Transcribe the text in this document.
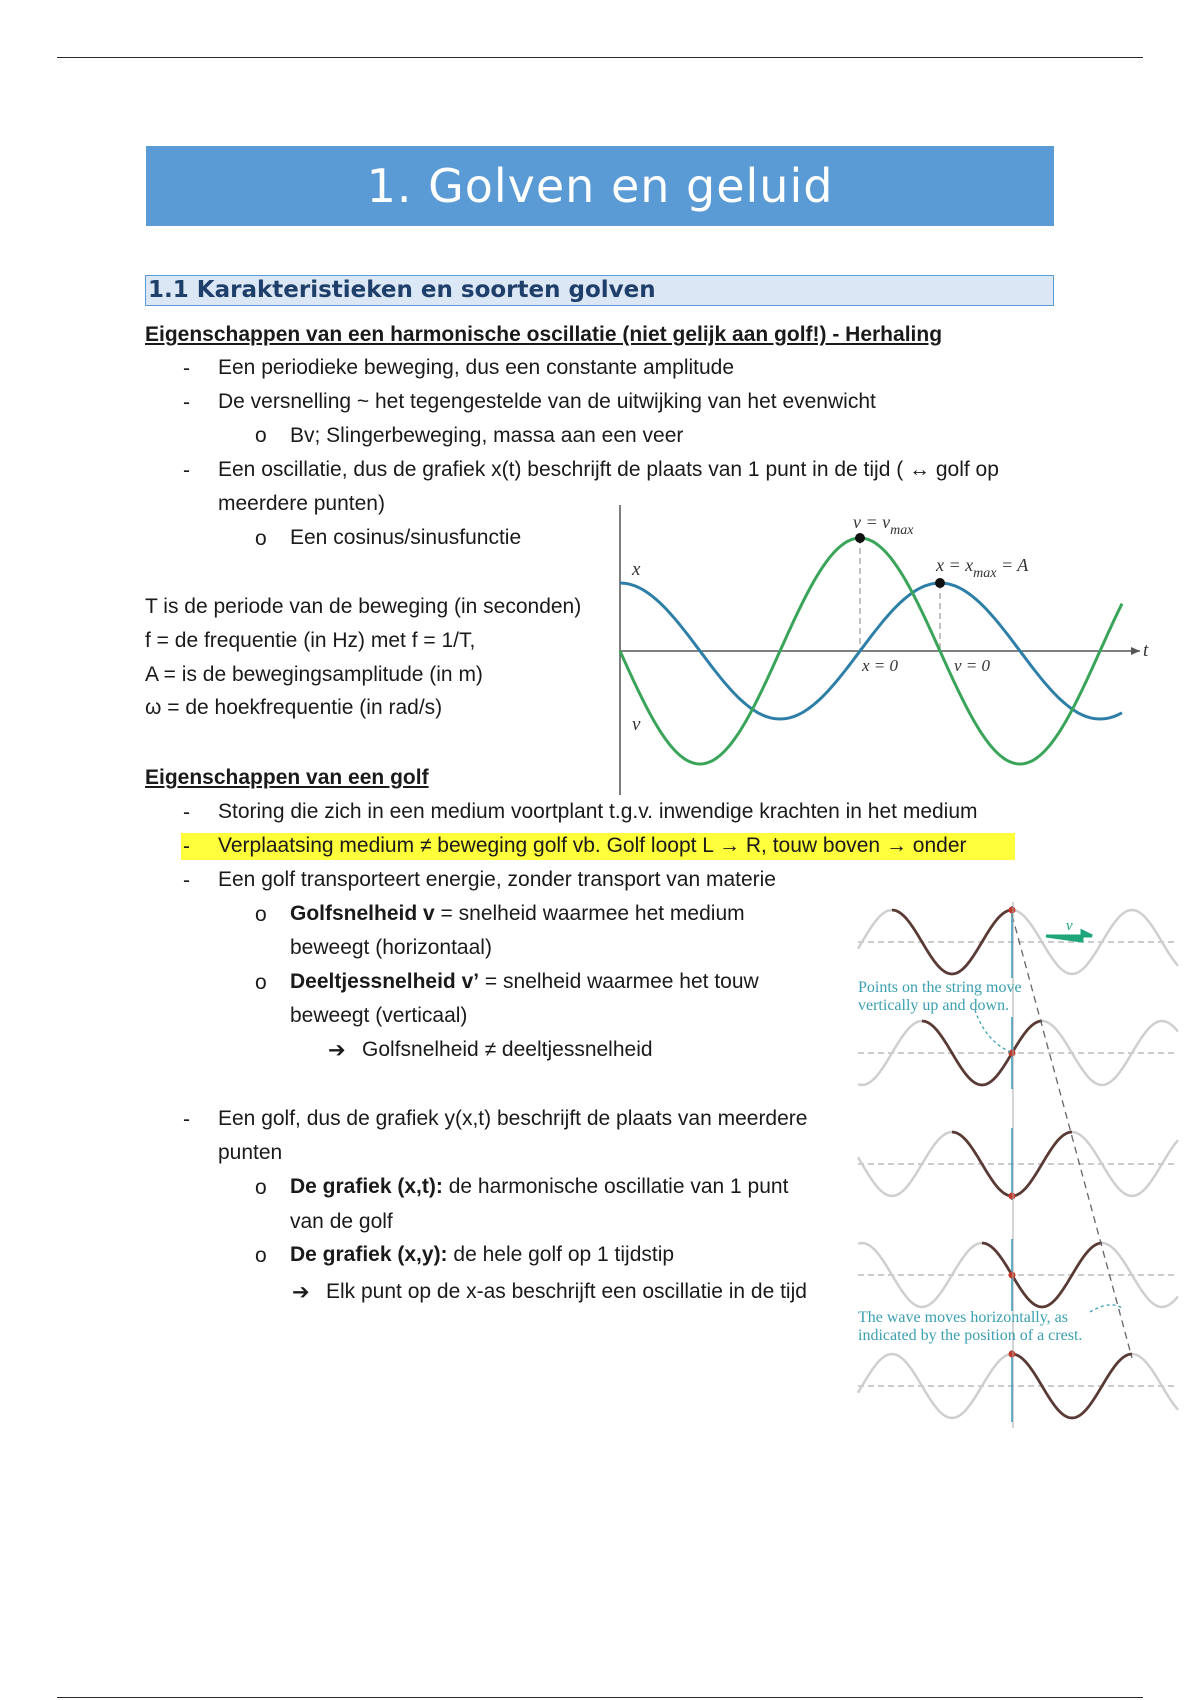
1. Golven en geluid
1.1 Karakteristieken en soorten golven
Eigenschappen van een harmonische oscillatie (niet gelijk aan golf!) - Herhaling
- Een periodieke beweging, dus een constante amplitude
- De versnelling ~ het tegengestelde van de uitwijking van het evenwicht
o Bv; Slingerbeweging, massa aan een veer
- Een oscillatie, dus de grafiek x(t) beschrijft de plaats van 1 punt in de tijd ( ↔ golf op
meerdere punten)
o Een cosinus/sinusfunctie
T is de periode van de beweging (in seconden)
f = de frequentie (in Hz) met f = 1/T,
A = is de bewegingsamplitude (in m)
ω = de hoekfrequentie (in rad/s)
x
v
t
$v = v_{max}$
$x = x_{max} = A$
x = 0	v = 0
Eigenschappen van een golf
- Storing die zich in een medium voortplant t.g.v. inwendige krachten in het medium
- Verplaatsing medium ≠ beweging golf vb. Golf loopt L → R, touw boven → onder
- Een golf transporteert energie, zonder transport van materie
o Golfsnelheid v = snelheid waarmee het medium
beweegt (horizontaal)
o Deeltjessnelheid v’ = snelheid waarmee het touw
beweegt (verticaal)
➔ Golfsnelheid ≠ deeltjessnelheid
- Een golf, dus de grafiek y(x,t) beschrijft de plaats van meerdere
punten
o De grafiek (x,t): de harmonische oscillatie van 1 punt
van de golf
o De grafiek (x,y): de hele golf op 1 tijdstip
➔ Elk punt op de x-as beschrijft een oscillatie in de tijd
v
Points on the string move
vertically up and down.
The wave moves horizontally, as
indicated by the position of a crest.
